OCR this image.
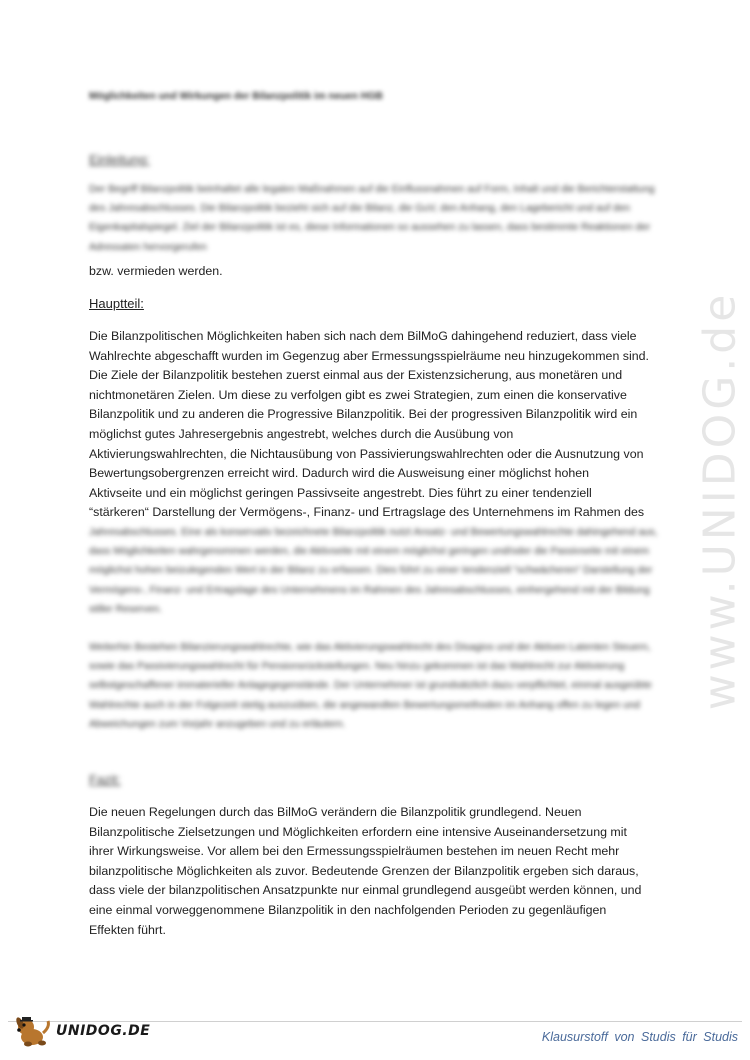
Möglichkeiten und Wirkungen der Bilanzpolitik im neuen HGB
Einleitung:

Der Begriff Bilanzpolitik beinhaltet alle legalen Maßnahmen auf die Einflussnahmen auf Form, Inhalt und die Berichterstattung des Jahresabschlusses. Die Bilanzpolitik bezieht sich auf die Bilanz, die GuV, den Anhang, den Lagebericht und auf den Eigenkapitalspiegel. Ziel der Bilanzpolitik ist es, diese Informationen so aussehen zu lassen, dass bestimmte Reaktionen der Adressaten hervorgerufen

bzw. vermieden werden.

Hauptteil:

Die Bilanzpolitischen Möglichkeiten haben sich nach dem BilMoG dahingehend reduziert, dass viele

Wahlrechte abgeschafft wurden im Gegenzug aber Ermessungsspielräume neu hinzugekommen sind.

Die Ziele der Bilanzpolitik bestehen zuerst einmal aus der Existenzsicherung, aus monetären und

nichtmonetären Zielen. Um diese zu verfolgen gibt es zwei Strategien, zum einen die konservative

Bilanzpolitik und zu anderen die Progressive Bilanzpolitik. Bei der progressiven Bilanzpolitik wird ein

möglichst gutes Jahresergebnis angestrebt, welches durch die Ausübung von

Aktivierungswahlrechten, die Nichtausübung von Passivierungswahlrechten oder die Ausnutzung von

Bewertungsobergrenzen erreicht wird. Dadurch wird die Ausweisung einer möglichst hohen

Aktivseite und ein möglichst geringen Passivseite angestrebt. Dies führt zu einer tendenziell

“stärkeren“ Darstellung der Vermögens-, Finanz- und Ertragslage des Unternehmens im Rahmen des

Jahresabschlusses. Eine als konservativ bezeichnete Bilanzpolitik nutzt Ansatz- und Bewertungswahlrechte dahingehend aus, dass Möglichkeiten wahrgenommen werden, die Aktivseite mit einem möglichst geringen und/oder die Passivseite mit einem möglichst hohen beizulegenden Wert in der Bilanz zu erfassen. Dies führt zu einer tendenziell “schwächeren“ Darstellung der Vermögens-, Finanz- und Ertragslage des Unternehmens im Rahmen des Jahresabschlusses, einhergehend mit der Bildung stiller Reserven.

Weiterhin Bestehen Bilanzierungswahlrechte, wie das Aktivierungswahlrecht des Disagios und der Aktiven Latenten Steuern, sowie das Passivierungswahlrecht für Pensionsrückstellungen. Neu hinzu gekommen ist das Wahlrecht zur Aktivierung selbstgeschaffener immaterieller Anlagegegenstände. Der Unternehmer ist grundsätzlich dazu verpflichtet, einmal ausgeübte Wahlrechte auch in der Folgezeit stetig auszuüben, die angewandten Bewertungsmethoden im Anhang offen zu legen und Abweichungen zum Vorjahr anzugeben und zu erläutern.

Fazit:

Die neuen Regelungen durch das BilMoG verändern die Bilanzpolitik grundlegend. Neuen

Bilanzpolitische Zielsetzungen und Möglichkeiten erfordern eine intensive Auseinandersetzung mit

ihrer Wirkungsweise. Vor allem bei den Ermessungsspielräumen bestehen im neuen Recht mehr

bilanzpolitische Möglichkeiten als zuvor. Bedeutende Grenzen der Bilanzpolitik ergeben sich daraus,

dass viele der bilanzpolitischen Ansatzpunkte nur einmal grundlegend ausgeübt werden können, und

eine einmal vorweggenommene Bilanzpolitik in den nachfolgenden Perioden zu gegenläufigen

Effekten führt.

www.UNIDOG.de
UNIDOG.DE	Klausurstoff von Studis für Studis
